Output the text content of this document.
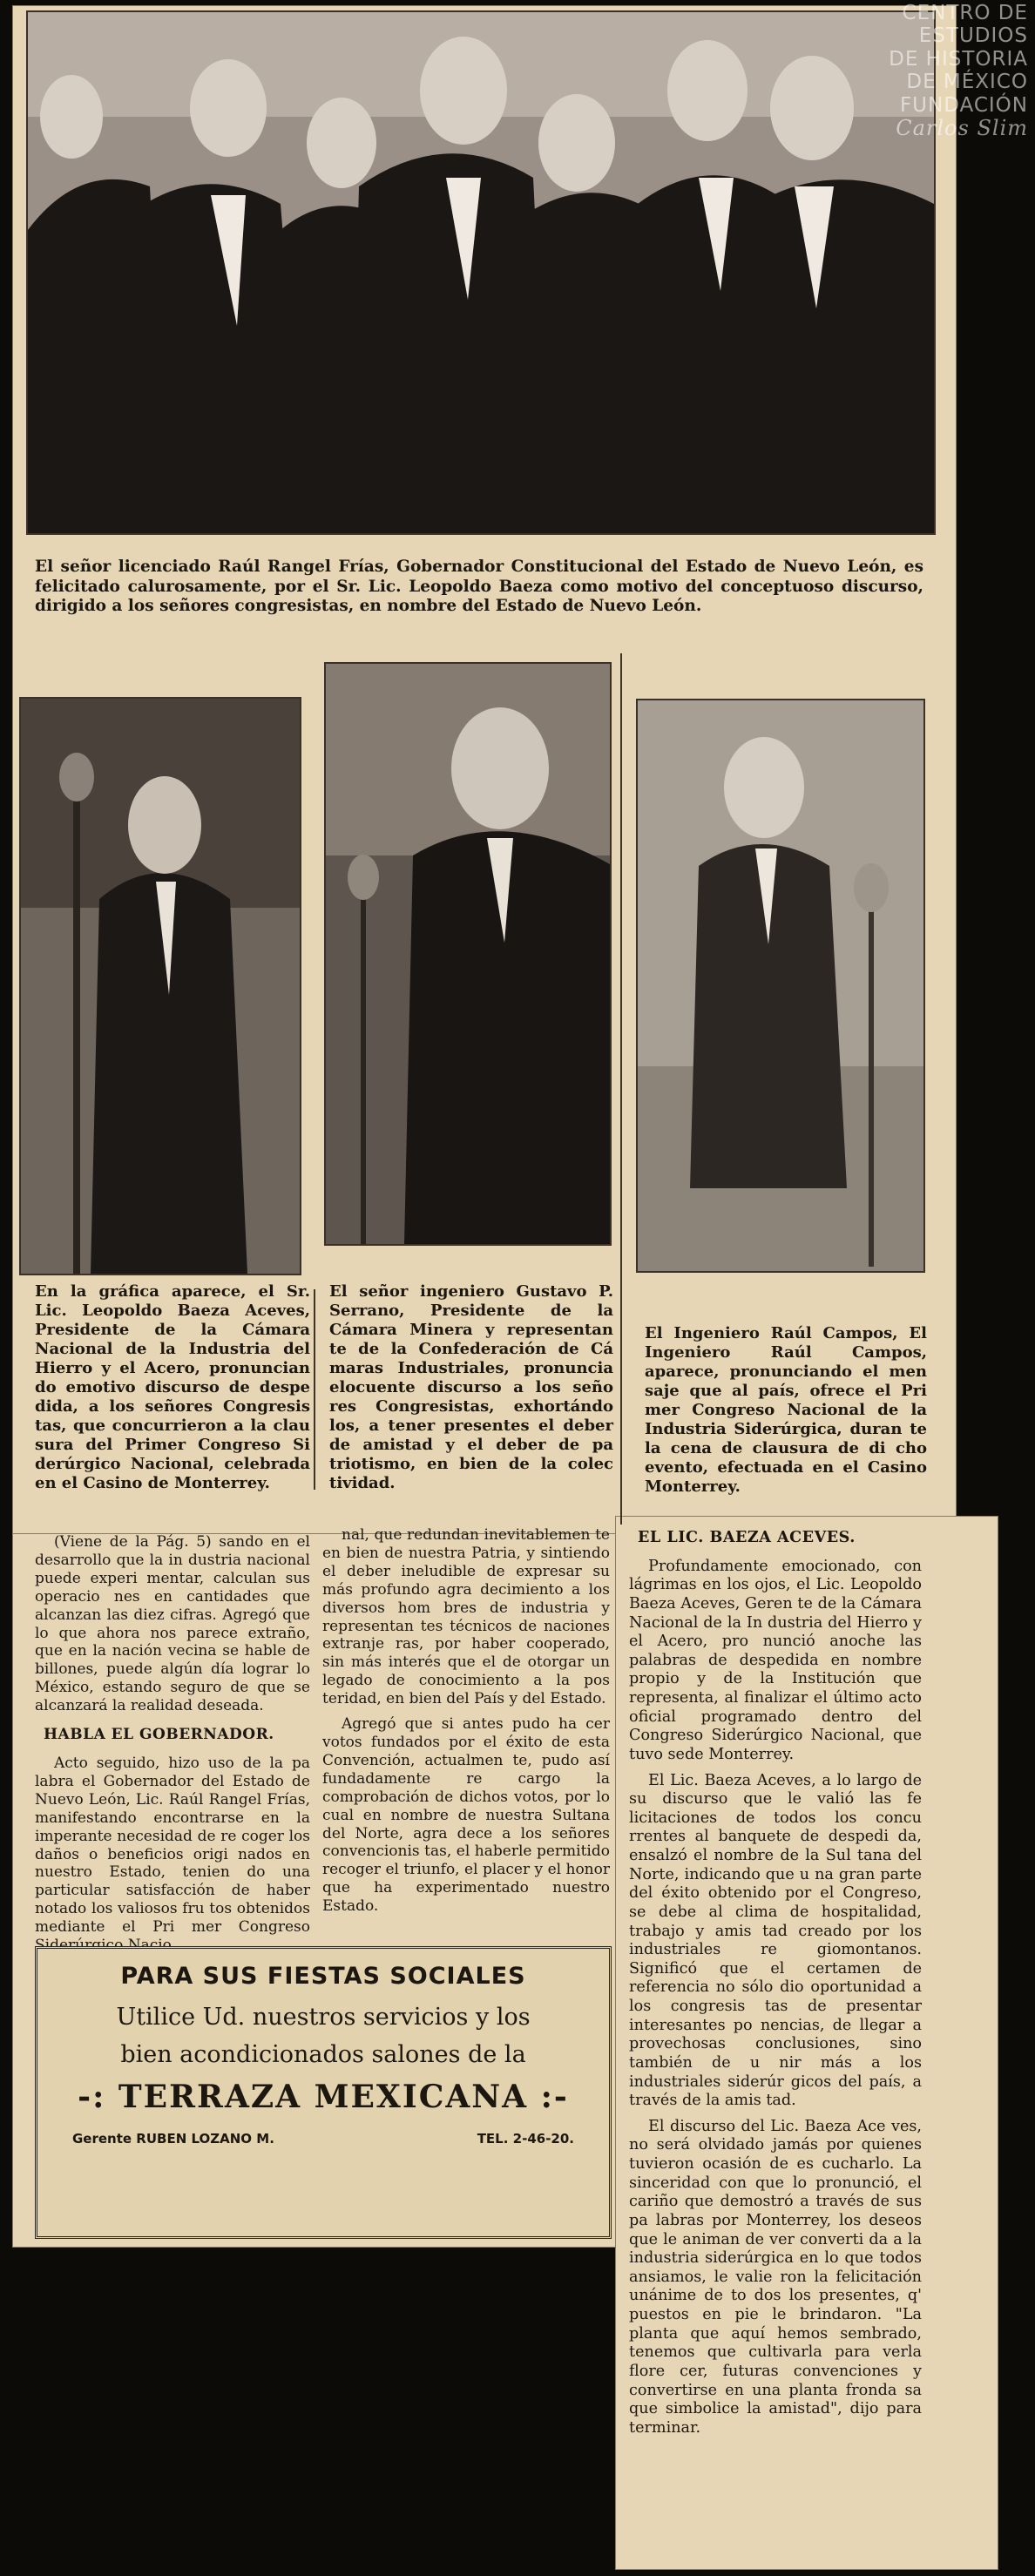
CENTRO DE
ESTUDIOS
DE HISTORIA
DE MÉXICO
FUNDACIÓN
Carlos Slim
El señor licenciado Raúl Rangel Frías, Gobernador Constitucional del Estado de Nuevo León, es felicitado calurosamente, por el Sr. Lic. Leopoldo Baeza como motivo del conceptuoso discurso, dirigido a los señores congresistas, en nombre del Estado de Nuevo León.
En la gráfica aparece, el Sr. Lic. Leopoldo Baeza Aceves, Presidente de la Cámara Nacional de la Industria del Hierro y el Acero, pronuncian do emotivo discurso de despe dida, a los señores Congresis tas, que concurrieron a la clau sura del Primer Congreso Si derúrgico Nacional, celebrada en el Casino de Monterrey.
El señor ingeniero Gustavo P. Serrano, Presidente de la Cámara Minera y representan te de la Confederación de Cá maras Industriales, pronuncia elocuente discurso a los seño res Congresistas, exhortándo los, a tener presentes el deber de amistad y el deber de pa triotismo, en bien de la colec tividad.
El Ingeniero Raúl Campos, El Ingeniero Raúl Campos, aparece, pronunciando el men saje que al país, ofrece el Pri mer Congreso Nacional de la Industria Siderúrgica, duran te la cena de clausura de di cho evento, efectuada en el Casino Monterrey.

(Viene de la Pág. 5) sando en el desarrollo que la in dustria nacional puede experi mentar, calculan sus operacio nes en cantidades que alcanzan las diez cifras. Agregó que lo que ahora nos parece extraño, que en la nación vecina se hable de billones, puede algún día lograr lo México, estando seguro de que se alcanzará la realidad deseada.

HABLA EL GOBERNADOR.

Acto seguido, hizo uso de la pa labra el Gobernador del Estado de Nuevo León, Lic. Raúl Rangel Frías, manifestando encontrarse en la imperante necesidad de re coger los daños o beneficios origi nados en nuestro Estado, tenien do una particular satisfacción de haber notado los valiosos fru tos obtenidos mediante el Pri mer Congreso

nal, que redundan inevitablemen te en bien de nuestra Patria, y sintiendo el deber ineludible de expresar su más profundo agra decimiento a los diversos hom bres de industria y representan tes técnicos de naciones extranje ras, por haber cooperado, sin más interés que el de otorgar un legado de conocimiento a la pos teridad, en bien del País y del Estado.

Agregó que si antes pudo ha cer votos fundados por el éxito de esta Convención, actualmen te, pudo así fundadamente re cargo la comprobación de dichos votos, por lo cual en nombre de nuestra Sultana del Norte, agra dece a los señores convencionis tas, el haberle permitido recoger el triunfo, el placer y el honor que ha experimentado nuestro Estado.

EL LIC. BAEZA ACEVES.

Profundamente emocionado, con lágrimas en los ojos, el Lic. Leopoldo Baeza Aceves, Geren te de la Cámara Nacional de la In dustria del Hierro y el Acero, pro nunció anoche las palabras de despedida en nombre propio y de la Institución que representa, al finalizar el último acto oficial programado dentro del Congreso Siderúrgico Nacional, que tuvo sede Monterrey.

El Lic. Baeza Aceves, a lo largo de su discurso que le valió las fe licitaciones de todos los concu rrentes al banquete de despedi da, ensalzó el nombre de la Sul tana del Norte, indicando que u na gran parte del éxito obtenido por el Congreso, se debe al clima de hospitalidad, trabajo y amis tad creado por los industriales re giomontanos. Significó que el certamen de referencia no sólo dio oportunidad a los congresis tas de presentar interesantes po nencias, de llegar a provechosas conclusiones, sino también de u nir más a los industriales siderúr gicos del país, a través de la amis tad.

El discurso del Lic. Baeza Ace ves, no será olvidado jamás por quienes tuvieron ocasión de es cucharlo. La sinceridad con que lo pronunció, el cariño que demostró a través de sus pa labras por Monterrey, los deseos que le animan de ver converti da a la industria siderúrgica en lo que todos ansiamos, le valie ron la felicitación unánime de to dos los presentes, q' puestos en pie le brindaron. "La planta que aquí hemos sembrado, tenemos que cultivarla para verla flore cer, futuras convenciones y convertirse en una planta fronda sa que simbolice la amistad", dijo para terminar.

PARA SUS FIESTAS SOCIALES
Utilice Ud. nuestros servicios y los
bien acondicionados salones de la
-: TERRAZA MEXICANA :-
Gerente RUBEN LOZANO M.	TEL. 2-46-20.
